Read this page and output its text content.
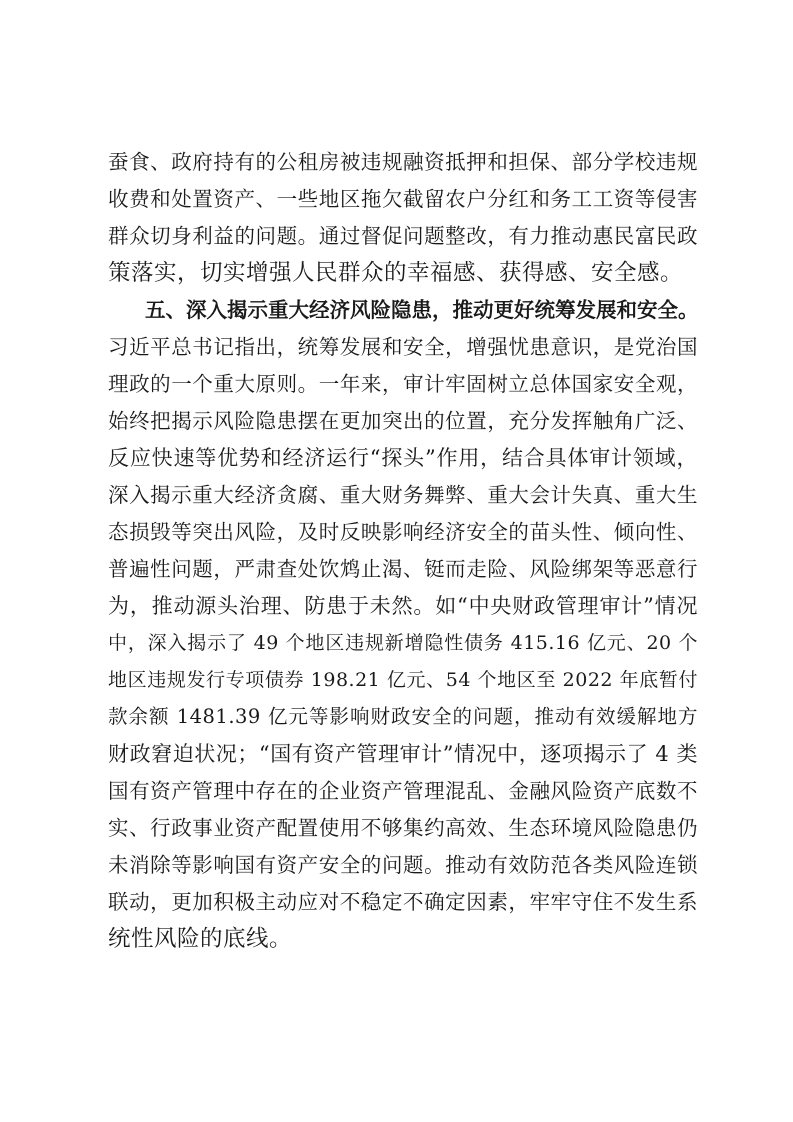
蚕食、政府持有的公租房被违规融资抵押和担保、部分学校违规
收费和处置资产、一些地区拖欠截留农户分红和务工工资等侵害
群众切身利益的问题。通过督促问题整改，有力推动惠民富民政
策落实，切实增强人民群众的幸福感、获得感、安全感。
五、深入揭示重大经济风险隐患，推动更好统筹发展和安全。
习近平总书记指出，统筹发展和安全，增强忧患意识，是党治国
理政的一个重大原则。一年来，审计牢固树立总体国家安全观，
始终把揭示风险隐患摆在更加突出的位置，充分发挥触角广泛、
反应快速等优势和经济运行“探头”作用，结合具体审计领域，
深入揭示重大经济贪腐、重大财务舞弊、重大会计失真、重大生
态损毁等突出风险，及时反映影响经济安全的苗头性、倾向性、
普遍性问题，严肃查处饮鸩止渴、铤而走险、风险绑架等恶意行
为，推动源头治理、防患于未然。如“中央财政管理审计”情况
中，深入揭示了 49 个地区违规新增隐性债务 415.16 亿元、20 个
地区违规发行专项债券 198.21 亿元、54 个地区至 2022 年底暂付
款余额 1481.39 亿元等影响财政安全的问题，推动有效缓解地方
财政窘迫状况；“国有资产管理审计”情况中，逐项揭示了 4 类
国有资产管理中存在的企业资产管理混乱、金融风险资产底数不
实、行政事业资产配置使用不够集约高效、生态环境风险隐患仍
未消除等影响国有资产安全的问题。推动有效防范各类风险连锁
联动，更加积极主动应对不稳定不确定因素，牢牢守住不发生系
统性风险的底线。
